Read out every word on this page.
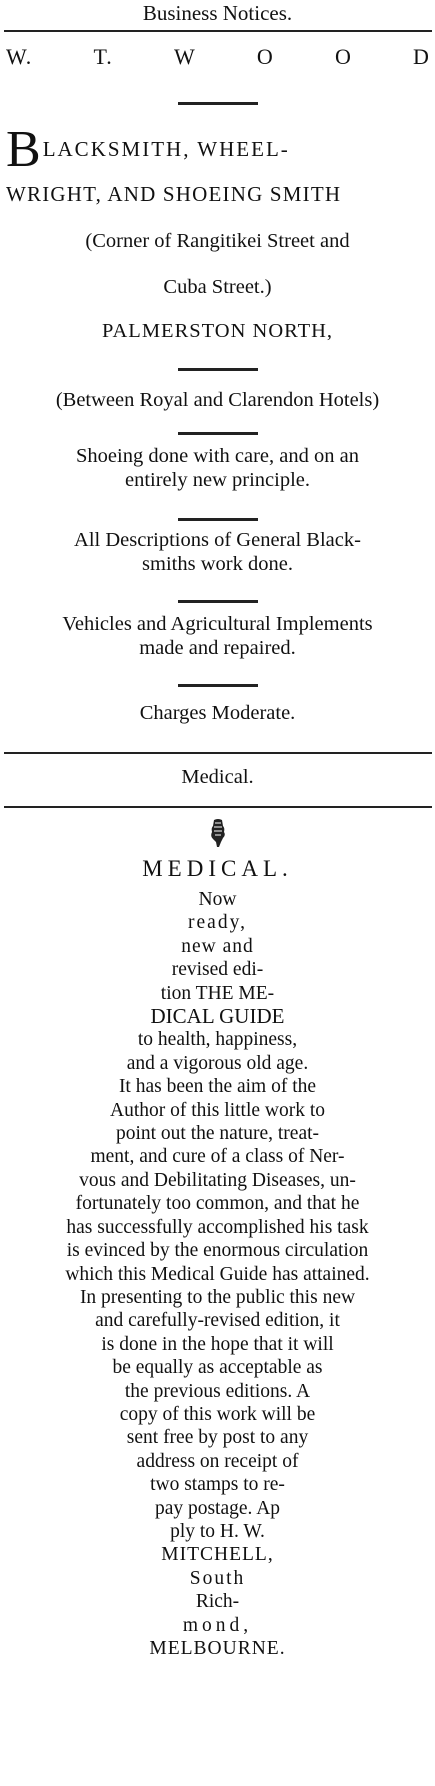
Business Notices.
W.	T.	W	O	O	D
BLACKSMITH, WHEEL-
WRIGHT, AND SHOEING SMITH
(Corner of Rangitikei Street and
Cuba Street.)
PALMERSTON NORTH,
(Between Royal and Clarendon Hotels)
Shoeing done with care, and on an
entirely new principle.
All Descriptions of General Black-
smiths work done.
Vehicles and Agricultural Implements
made and repaired.
Charges Moderate.
Medical.
MEDICAL.
Now
ready,
new and
revised edi-
tion THE ME-
DICAL GUIDE
to health, happiness,
and a vigorous old age.
It has been the aim of the
Author of this little work to
point out the nature, treat-
ment, and cure of a class of Ner-
vous and Debilitating Diseases, un-
fortunately too common, and that he
has successfully accomplished his task
is evinced by the enormous circulation
which this Medical Guide has attained.
In presenting to the public this new
and carefully-revised edition, it
is done in the hope that it will
be equally as acceptable as
the previous editions. A
copy of this work will be
sent free by post to any
address on receipt of
two stamps to re-
pay postage. Ap
ply to H. W.
MITCHELL,
South
Rich-
mond,
MELBOURNE.
